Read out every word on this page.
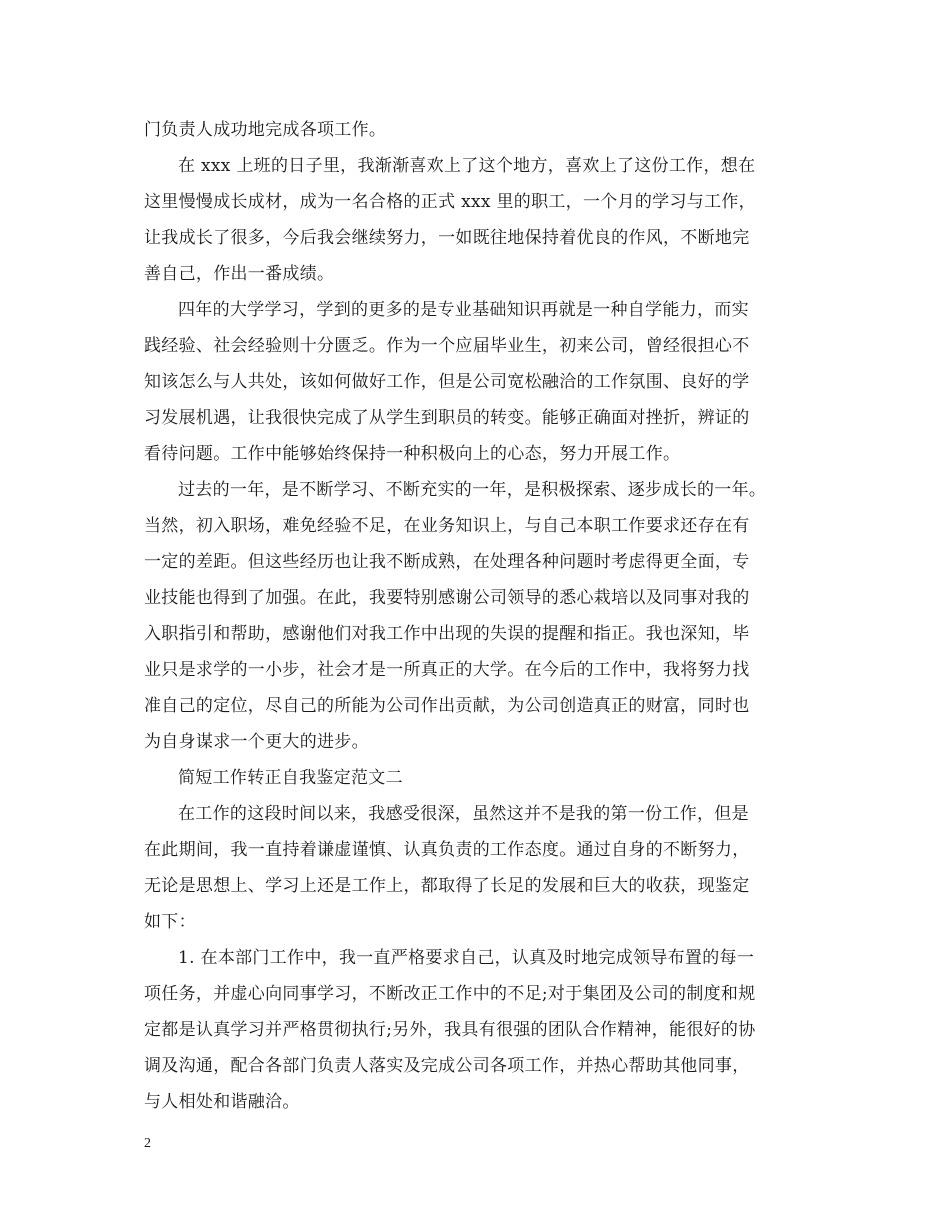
门负责人成功地完成各项工作。
在 xxx 上班的日子里，我渐渐喜欢上了这个地方，喜欢上了这份工作，想在
这里慢慢成长成材，成为一名合格的正式 xxx 里的职工，一个月的学习与工作，
让我成长了很多，今后我会继续努力，一如既往地保持着优良的作风，不断地完
善自己，作出一番成绩。
四年的大学学习，学到的更多的是专业基础知识再就是一种自学能力，而实
践经验、社会经验则十分匮乏。作为一个应届毕业生，初来公司，曾经很担心不
知该怎么与人共处，该如何做好工作，但是公司宽松融洽的工作氛围、良好的学
习发展机遇，让我很快完成了从学生到职员的转变。能够正确面对挫折，辨证的
看待问题。工作中能够始终保持一种积极向上的心态，努力开展工作。
过去的一年，是不断学习、不断充实的一年，是积极探索、逐步成长的一年。
当然，初入职场，难免经验不足，在业务知识上，与自己本职工作要求还存在有
一定的差距。但这些经历也让我不断成熟，在处理各种问题时考虑得更全面，专
业技能也得到了加强。在此，我要特别感谢公司领导的悉心栽培以及同事对我的
入职指引和帮助，感谢他们对我工作中出现的失误的提醒和指正。我也深知，毕
业只是求学的一小步，社会才是一所真正的大学。在今后的工作中，我将努力找
准自己的定位，尽自己的所能为公司作出贡献，为公司创造真正的财富，同时也
为自身谋求一个更大的进步。
简短工作转正自我鉴定范文二
在工作的这段时间以来，我感受很深，虽然这并不是我的第一份工作，但是
在此期间，我一直持着谦虚谨慎、认真负责的工作态度。通过自身的不断努力，
无论是思想上、学习上还是工作上，都取得了长足的发展和巨大的收获，现鉴定
如下：
1. 在本部门工作中，我一直严格要求自己，认真及时地完成领导布置的每一
项任务，并虚心向同事学习，不断改正工作中的不足;对于集团及公司的制度和规
定都是认真学习并严格贯彻执行;另外，我具有很强的团队合作精神，能很好的协
调及沟通，配合各部门负责人落实及完成公司各项工作，并热心帮助其他同事，
与人相处和谐融洽。
2
